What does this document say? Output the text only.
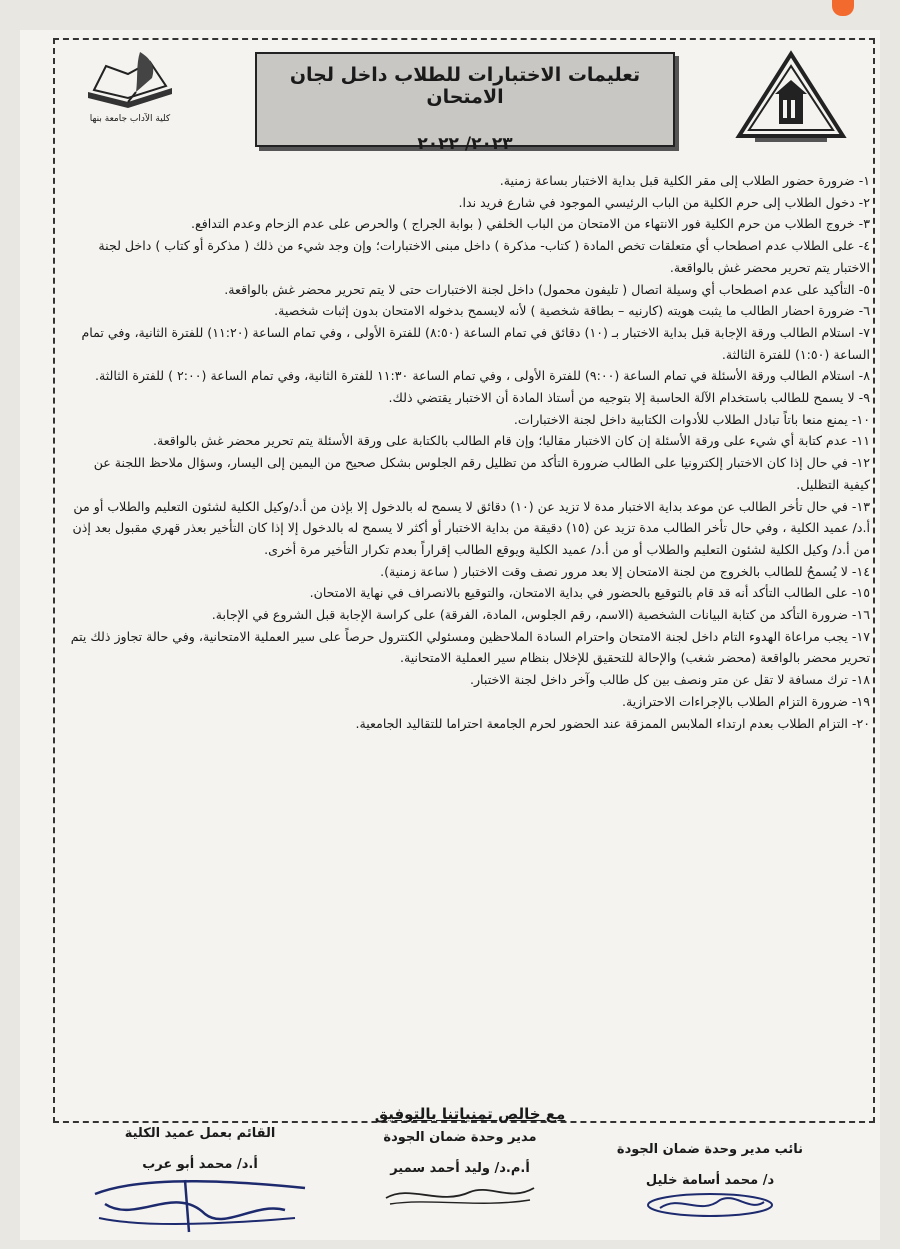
كلية الآداب جامعة بنها
تعليمات الاختبارات للطلاب داخل لجان الامتحان
٢٠٢٣/ ٢٠٢٢

١- ضرورة حضور الطلاب إلى مقر الكلية قبل بداية الاختبار بساعة زمنية.

٢- دخول الطلاب إلى حرم الكلية من الباب الرئيسي الموجود في شارع فريد ندا.

٣- خروج الطلاب من حرم الكلية فور الانتهاء من الامتحان من الباب الخلفي ( بوابة الجراج ) والحرص على عدم الزحام وعدم التدافع.

٤- على الطلاب عدم اصطحاب أي متعلقات تخص المادة ( كتاب- مذكرة ) داخل مبنى الاختبارات؛ وإن وجد شيء من ذلك ( مذكرة أو كتاب ) داخل لجنة الاختبار يتم تحرير محضر غش بالواقعة.

٥- التأكيد على عدم اصطحاب أي وسيلة اتصال ( تليفون محمول) داخل لجنة الاختبارات حتى لا يتم تحرير محضر غش بالواقعة.

٦- ضرورة احضار الطالب ما يثبت هويته (كارنيه – بطاقة شخصية ) لأنه لايسمح بدخوله الامتحان بدون إثبات شخصية.

٧- استلام الطالب ورقة الإجابة قبل بداية الاختبار بـ (١٠) دقائق في تمام الساعة (٨:٥٠) للفترة الأولى ، وفي تمام الساعة (١١:٢٠) للفترة الثانية، وفي تمام الساعة (١:٥٠) للفترة الثالثة.

٨- استلام الطالب ورقة الأسئلة في تمام الساعة (٩:٠٠) للفترة الأولى ، وفي تمام الساعة ١١:٣٠ للفترة الثانية، وفي تمام الساعة (٢:٠٠ ) للفترة الثالثة.

٩- لا يسمح للطالب باستخدام الآلة الحاسبة إلا بتوجيه من أستاذ المادة أن الاختبار يقتضي ذلك.

١٠- يمنع منعا باتاً تبادل الطلاب للأدوات الكتابية داخل لجنة الاختبارات.

١١- عدم كتابة أي شيء على ورقة الأسئلة إن كان الاختبار مقاليا؛ وإن قام الطالب بالكتابة على ورقة الأسئلة يتم تحرير محضر غش بالواقعة.

١٢- في حال إذا كان الاختبار إلكترونيا على الطالب ضرورة التأكد من تظليل رقم الجلوس بشكل صحيح من اليمين إلى اليسار، وسؤال ملاحظ اللجنة عن كيفية التظليل.

١٣- في حال تأخر الطالب عن موعد بداية الاختبار مدة لا تزيد عن (١٠) دقائق لا يسمح له بالدخول إلا بإذن من أ.د/وكيل الكلية لشئون التعليم والطلاب أو من أ.د/ عميد الكلية ، وفي حال تأخر الطالب مدة تزيد عن (١٥) دقيقة من بداية الاختبار أو أكثر لا يسمح له بالدخول إلا إذا كان التأخير بعذر قهري مقبول بعد إذن من أ.د/ وكيل الكلية لشئون التعليم والطلاب أو من أ.د/ عميد الكلية ويوقع الطالب إقراراً بعدم تكرار التأخير مرة أخرى.

١٤- لا يُسمحُ للطالب بالخروج من لجنة الامتحان إلا بعد مرور نصف وقت الاختبار ( ساعة زمنية).

١٥- على الطالب التأكد أنه قد قام بالتوقيع بالحضور في بداية الامتحان، والتوقيع بالانصراف في نهاية الامتحان.

١٦- ضرورة التأكد من كتابة البيانات الشخصية (الاسم، رقم الجلوس، المادة، الفرقة) على كراسة الإجابة قبل الشروع في الإجابة.

١٧- يجب مراعاة الهدوء التام داخل لجنة الامتحان واحترام السادة الملاحظين ومسئولي الكنترول حرصاً على سير العملية الامتحانية، وفي حالة تجاوز ذلك يتم تحرير محضر بالواقعة (محضر شغب) والإحالة للتحقيق للإخلال بنظام سير العملية الامتحانية.

١٨- ترك مسافة لا تقل عن متر ونصف بين كل طالب وآخر داخل لجنة الاختبار.

١٩- ضرورة التزام الطلاب بالإجراءات الاحترازية.

٢٠- التزام الطلاب بعدم ارتداء الملابس الممزقة عند الحضور لحرم الجامعة احتراما للتقاليد الجامعية.

مع خالص تمنياتنا بالتوفيق
نائب مدير وحدة ضمان الجودة
د/ محمد أسامة خليل
مدير وحدة ضمان الجودة
أ.م.د/ وليد أحمد سمير
القائم بعمل عميد الكلية
أ.د/ محمد أبو عرب
